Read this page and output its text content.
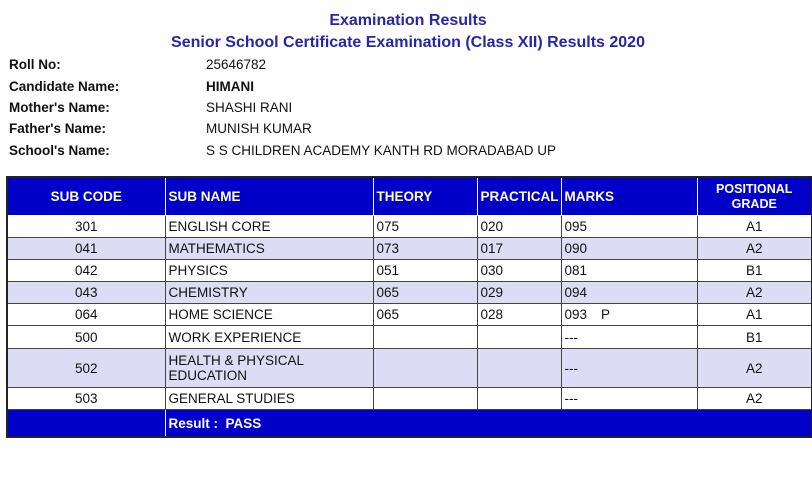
Examination Results
Senior School Certificate Examination (Class XII) Results 2020
Roll No:	25646782
Candidate Name:	HIMANI
Mother's Name:	SHASHI RANI
Father's Name:	MUNISH KUMAR
School's Name:	S S CHILDREN ACADEMY KANTH RD MORADABAD UP
SUB CODE	SUB NAME	THEORY	PRACTICAL	MARKS	POSITIONAL
GRADE
301	ENGLISH CORE	075	020	095	A1
041	MATHEMATICS	073	017	090	A2
042	PHYSICS	051	030	081	B1
043	CHEMISTRY	065	029	094	A2
064	HOME SCIENCE	065	028	093 P	A1
500	WORK EXPERIENCE			---	B1
502	HEALTH & PHYSICAL EDUCATION			---	A2
503	GENERAL STUDIES			---	A2
	Result : PASS				
